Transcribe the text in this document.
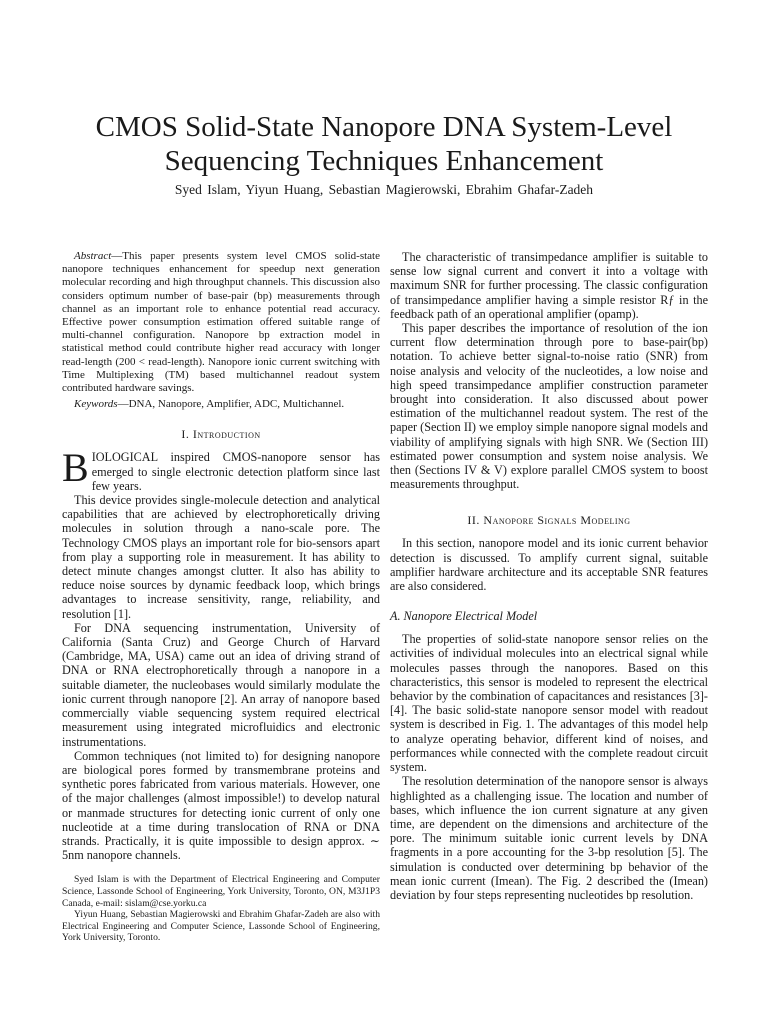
CMOS Solid-State Nanopore DNA System-Level Sequencing Techniques Enhancement
Syed Islam, Yiyun Huang, Sebastian Magierowski, Ebrahim Ghafar-Zadeh

Abstract—This paper presents system level CMOS solid-state nanopore techniques enhancement for speedup next generation molecular recording and high throughput channels. This discussion also considers optimum number of base-pair (bp) measurements through channel as an important role to enhance potential read accuracy. Effective power consumption estimation offered suitable range of multi-channel configuration. Nanopore bp extraction model in statistical method could contribute higher read accuracy with longer read-length (200 < read-length). Nanopore ionic current switching with Time Multiplexing (TM) based multichannel readout system contributed hardware savings.

Keywords—DNA, Nanopore, Amplifier, ADC, Multichannel.

I. Introduction

BIOLOGICAL inspired CMOS-nanopore sensor has emerged to single electronic detection platform since last few years.

This device provides single-molecule detection and analytical capabilities that are achieved by electrophoretically driving molecules in solution through a nano-scale pore. The Technology CMOS plays an important role for bio-sensors apart from play a supporting role in measurement. It has ability to detect minute changes amongst clutter. It also has ability to reduce noise sources by dynamic feedback loop, which brings advantages to increase sensitivity, range, reliability, and resolution [1].

For DNA sequencing instrumentation, University of California (Santa Cruz) and George Church of Harvard (Cambridge, MA, USA) came out an idea of driving strand of DNA or RNA electrophoretically through a nanopore in a suitable diameter, the nucleobases would similarly modulate the ionic current through nanopore [2]. An array of nanopore based commercially viable sequencing system required electrical measurement using integrated microfluidics and electronic instrumentations.

Common techniques (not limited to) for designing nanopore are biological pores formed by transmembrane proteins and synthetic pores fabricated from various materials. However, one of the major challenges (almost impossible!) to develop natural or manmade structures for detecting ionic current of only one nucleotide at a time during translocation of RNA or DNA strands. Practically, it is quite impossible to design approx. ∼ 5nm nanopore channels.

Syed Islam is with the Department of Electrical Engineering and Computer Science, Lassonde School of Engineering, York University, Toronto, ON, M3J1P3 Canada, e-mail: sislam@cse.yorku.ca

Yiyun Huang, Sebastian Magierowski and Ebrahim Ghafar-Zadeh are also with Electrical Engineering and Computer Science, Lassonde School of Engineering, York University, Toronto.

The characteristic of transimpedance amplifier is suitable to sense low signal current and convert it into a voltage with maximum SNR for further processing. The classic configuration of transimpedance amplifier having a simple resistor Rƒ in the feedback path of an operational amplifier (opamp).

This paper describes the importance of resolution of the ion current flow determination through pore to base-pair(bp) notation. To achieve better signal-to-noise ratio (SNR) from noise analysis and velocity of the nucleotides, a low noise and high speed transimpedance amplifier construction parameter brought into consideration. It also discussed about power estimation of the multichannel readout system. The rest of the paper (Section II) we employ simple nanopore signal models and viability of amplifying signals with high SNR. We (Section III) estimated power consumption and system noise analysis. We then (Sections IV & V) explore parallel CMOS system to boost measurements throughput.

II. Nanopore Signals Modeling

In this section, nanopore model and its ionic current behavior detection is discussed. To amplify current signal, suitable amplifier hardware architecture and its acceptable SNR features are also considered.

A. Nanopore Electrical Model

The properties of solid-state nanopore sensor relies on the activities of individual molecules into an electrical signal while molecules passes through the nanopores. Based on this characteristics, this sensor is modeled to represent the electrical behavior by the combination of capacitances and resistances [3]-[4]. The basic solid-state nanopore sensor model with readout system is described in Fig. 1. The advantages of this model help to analyze operating behavior, different kind of noises, and performances while connected with the complete readout circuit system.

The resolution determination of the nanopore sensor is always highlighted as a challenging issue. The location and number of bases, which influence the ion current signature at any given time, are dependent on the dimensions and architecture of the pore. The minimum suitable ionic current levels by DNA fragments in a pore accounting for the 3-bp resolution [5]. The simulation is conducted over determining bp behavior of the mean ionic current (Imean). The Fig. 2 described the (Imean) deviation by four steps representing nucleotides bp resolution.
